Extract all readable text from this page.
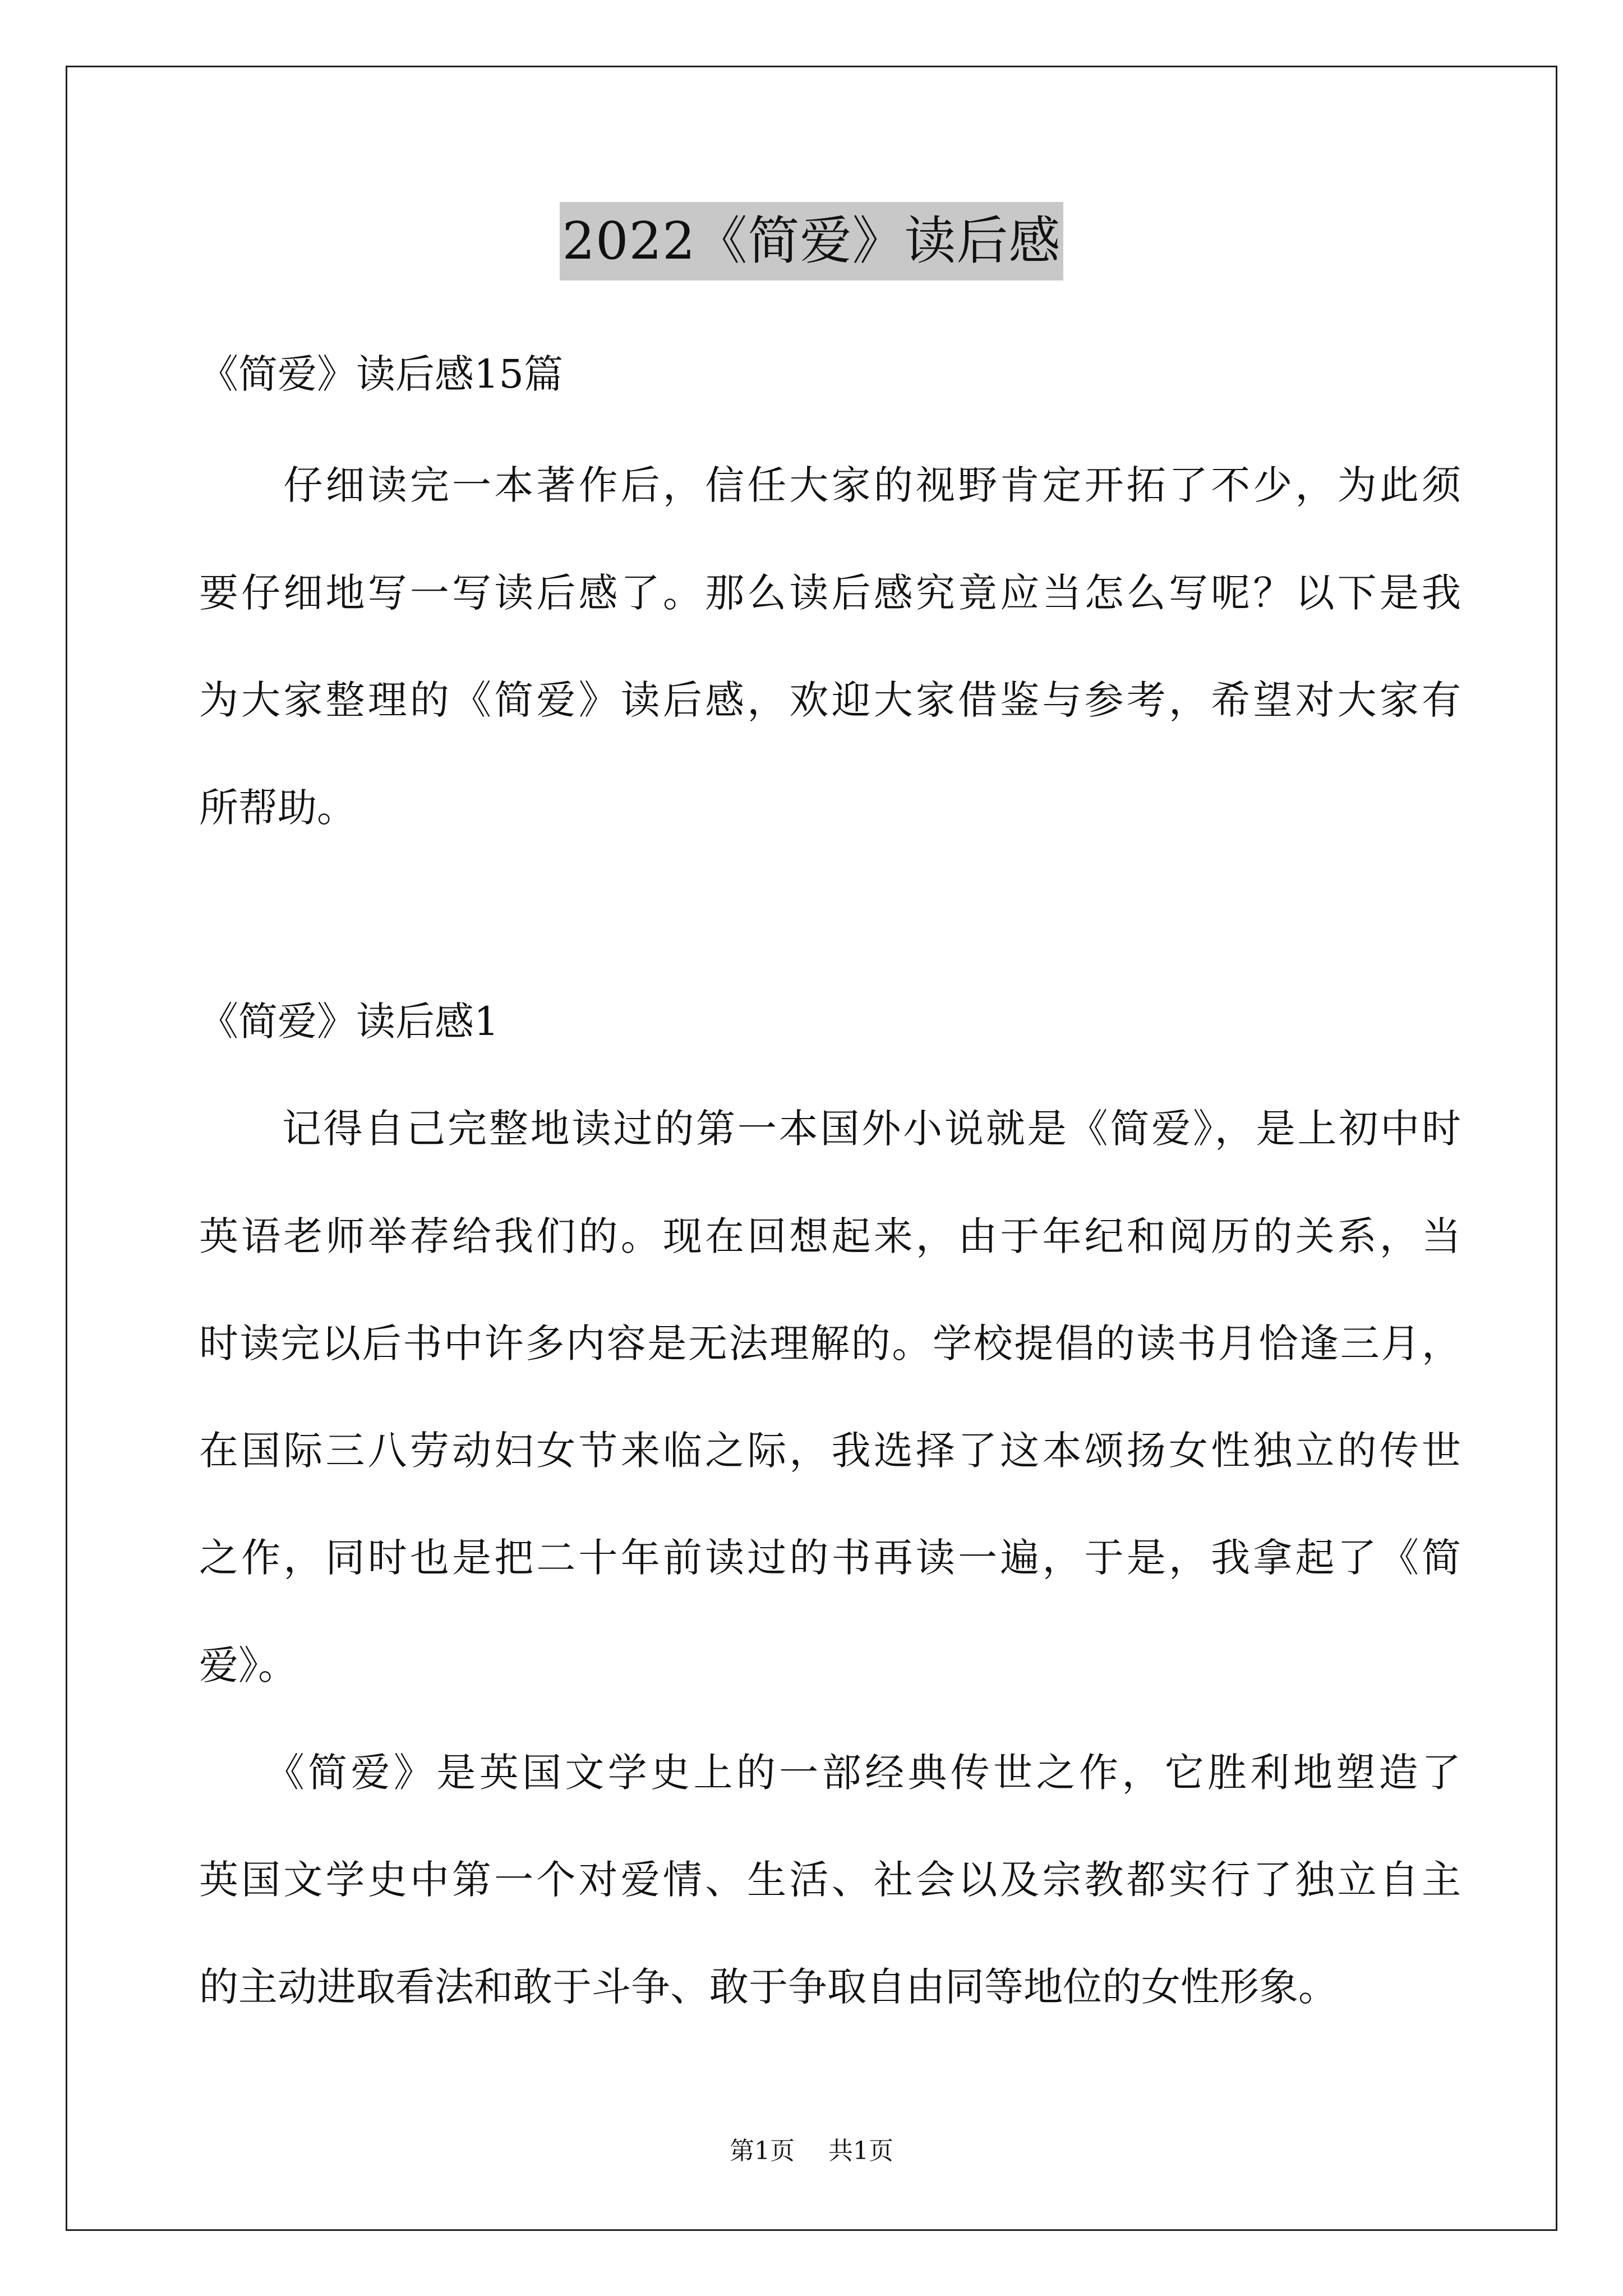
2022《简爱》读后感
《简爱》读后感15篇
　　仔细读完一本著作后，信任大家的视野肯定开拓了不少，为此须
要仔细地写一写读后感了。那么读后感究竟应当怎么写呢？以下是我
为大家整理的《简爱》读后感，欢迎大家借鉴与参考，希望对大家有
所帮助。
《简爱》读后感1
　　记得自己完整地读过的第一本国外小说就是《简爱》，是上初中时
英语老师举荐给我们的。现在回想起来，由于年纪和阅历的关系，当
时读完以后书中许多内容是无法理解的。学校提倡的读书月恰逢三月，
在国际三八劳动妇女节来临之际，我选择了这本颂扬女性独立的传世
之作，同时也是把二十年前读过的书再读一遍，于是，我拿起了《简
爱》。
　　《简爱》是英国文学史上的一部经典传世之作，它胜利地塑造了
英国文学史中第一个对爱情、生活、社会以及宗教都实行了独立自主
的主动进取看法和敢于斗争、敢于争取自由同等地位的女性形象。
第1页 共1页
